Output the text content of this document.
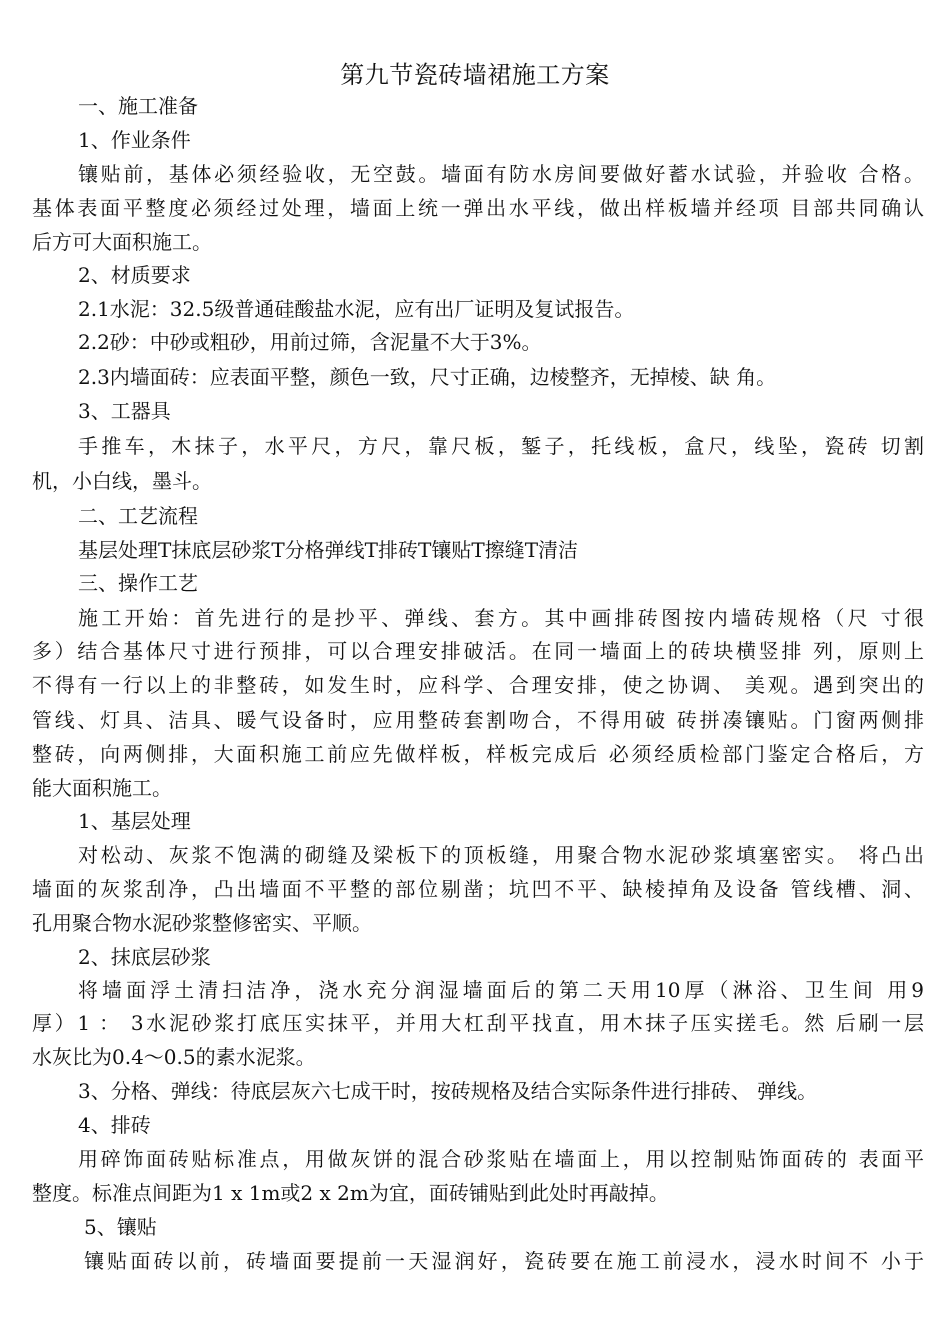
第九节瓷砖墙裙施工方案
一、施工准备
1、作业条件
镶贴前，基体必须经验收，无空鼓。墙面有防水房间要做好蓄水试验，并验收 合格。
基体表面平整度必须经过处理，墙面上统一弹出水平线，做出样板墙并经项 目部共同确认
后方可大面积施工。
2、材质要求
2.1水泥：32.5级普通硅酸盐水泥，应有出厂证明及复试报告。
2.2砂：中砂或粗砂，用前过筛，含泥量不大于3%。
2.3内墙面砖：应表面平整，颜色一致，尺寸正确，边棱整齐，无掉棱、缺 角。
3、工器具
手推车，木抹子，水平尺，方尺，靠尺板，錾子，托线板，盒尺，线坠，瓷砖 切割
机，小白线，墨斗。
二、工艺流程
基层处理T抹底层砂浆T分格弹线T排砖T镶贴T擦缝T清洁
三、操作工艺
施工开始：首先进行的是抄平、弹线、套方。其中画排砖图按内墙砖规格（尺 寸很
多）结合基体尺寸进行预排，可以合理安排破活。在同一墙面上的砖块横竖排 列，原则上
不得有一行以上的非整砖，如发生时，应科学、合理安排，使之协调、 美观。遇到突出的
管线、灯具、洁具、暖气设备时，应用整砖套割吻合，不得用破 砖拼凑镶贴。门窗两侧排
整砖，向两侧排，大面积施工前应先做样板，样板完成后 必须经质检部门鉴定合格后，方
能大面积施工。
1、基层处理
对松动、灰浆不饱满的砌缝及梁板下的顶板缝，用聚合物水泥砂浆填塞密实。 将凸出
墙面的灰浆刮净，凸出墙面不平整的部位剔凿；坑凹不平、缺棱掉角及设备 管线槽、洞、
孔用聚合物水泥砂浆整修密实、平顺。
2、抹底层砂浆
将墙面浮土清扫洁净，浇水充分润湿墙面后的第二天用10厚（淋浴、卫生间 用9
厚）1 ： 3水泥砂浆打底压实抹平，并用大杠刮平找直，用木抹子压实搓毛。然 后刷一层
水灰比为0.4〜0.5的素水泥浆。
3、分格、弹线：待底层灰六七成干时，按砖规格及结合实际条件进行排砖、 弹线。
4、排砖
用碎饰面砖贴标准点，用做灰饼的混合砂浆贴在墙面上，用以控制贴饰面砖的 表面平
整度。标准点间距为1 x 1m或2 x 2m为宜，面砖铺贴到此处时再敲掉。
5、镶贴
镶贴面砖以前，砖墙面要提前一天湿润好，瓷砖要在施工前浸水，浸水时间不 小于
